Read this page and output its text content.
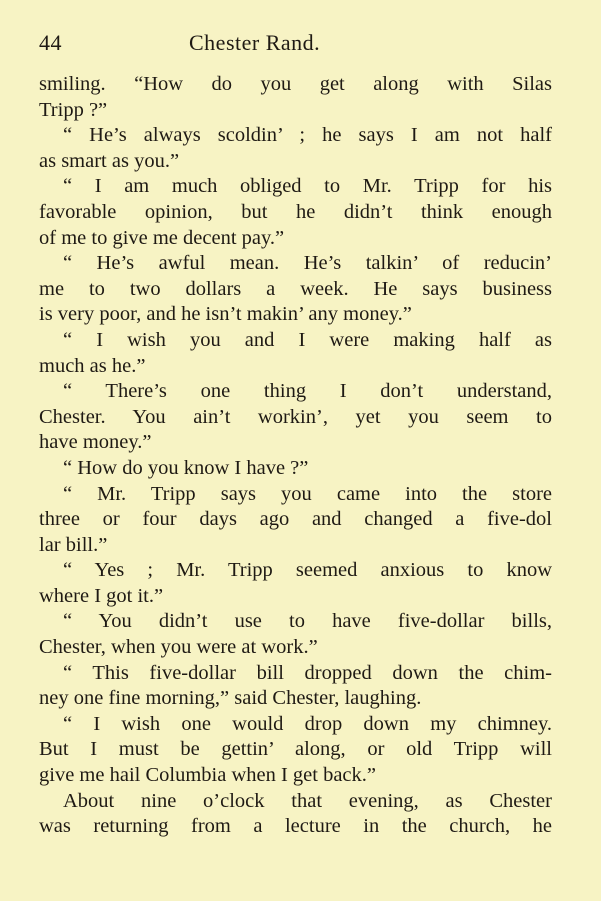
44	Chester Rand.
smiling. “How do you get along with Silas
Tripp ?”
“ He’s always scoldin’ ; he says I am not half
as smart as you.”
“ I am much obliged to Mr. Tripp for his
favorable opinion, but he didn’t think enough
of me to give me decent pay.”
“ He’s awful mean. He’s talkin’ of reducin’
me to two dollars a week. He says business
is very poor, and he isn’t makin’ any money.”
“ I wish you and I were making half as
much as he.”
“ There’s one thing I don’t understand,
Chester. You ain’t workin’, yet you seem to
have money.”
“ How do you know I have ?”
“ Mr. Tripp says you came into the store
three or four days ago and changed a five-dol
lar bill.”
“ Yes ; Mr. Tripp seemed anxious to know
where I got it.”
“ You didn’t use to have five-dollar bills,
Chester, when you were at work.”
“ This five-dollar bill dropped down the chim-
ney one fine morning,” said Chester, laughing.
“ I wish one would drop down my chimney.
But I must be gettin’ along, or old Tripp will
give me hail Columbia when I get back.”
About nine o’clock that evening, as Chester
was returning from a lecture in the church, he
